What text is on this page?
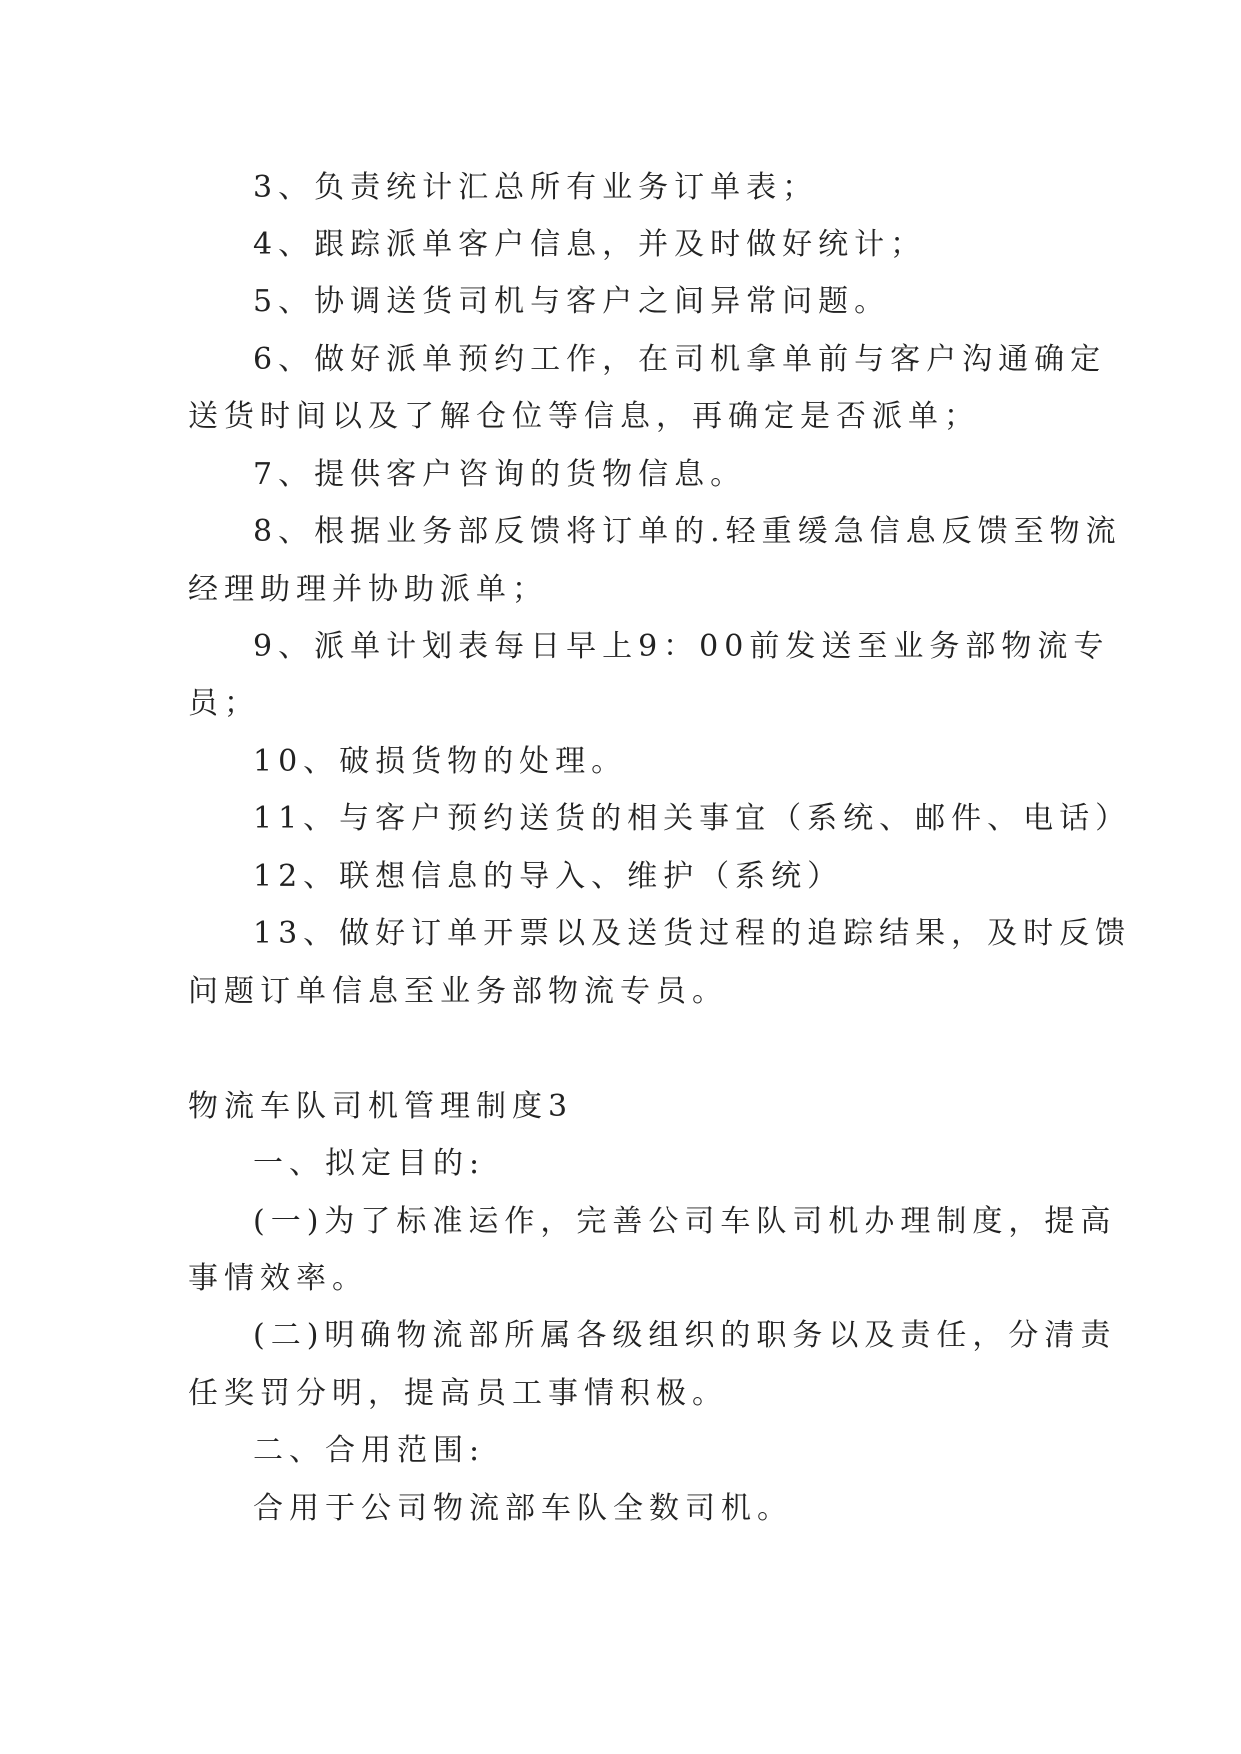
3、负责统计汇总所有业务订单表；
4、跟踪派单客户信息，并及时做好统计；
5、协调送货司机与客户之间异常问题。
6、做好派单预约工作，在司机拿单前与客户沟通确定
送货时间以及了解仓位等信息，再确定是否派单；
7、提供客户咨询的货物信息。
8、根据业务部反馈将订单的.轻重缓急信息反馈至物流
经理助理并协助派单；
9、派单计划表每日早上9：00前发送至业务部物流专
员；
10、破损货物的处理。
11、与客户预约送货的相关事宜（系统、邮件、电话）
12、联想信息的导入、维护（系统）
13、做好订单开票以及送货过程的追踪结果，及时反馈
问题订单信息至业务部物流专员。
物流车队司机管理制度3
一、拟定目的:
(一)为了标准运作，完善公司车队司机办理制度，提高
事情效率。
(二)明确物流部所属各级组织的职务以及责任，分清责
任奖罚分明，提高员工事情积极。
二、合用范围:
合用于公司物流部车队全数司机。
